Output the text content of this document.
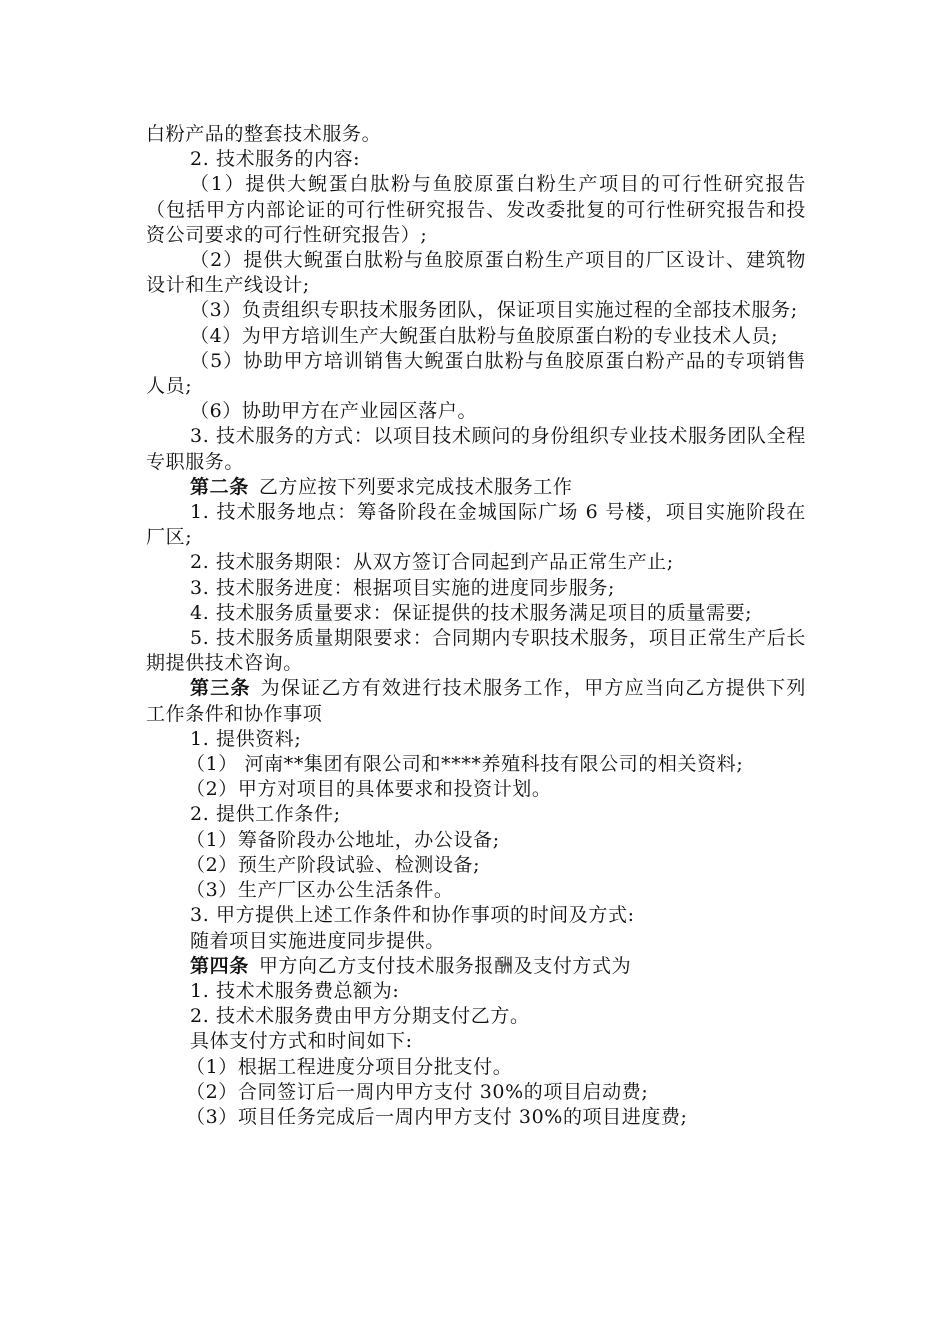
白粉产品的整套技术服务。

2. 技术服务的内容:

（1）提供大鲵蛋白肽粉与鱼胶原蛋白粉生产项目的可行性研究报告（包括甲方内部论证的可行性研究报告、发改委批复的可行性研究报告和投资公司要求的可行性研究报告）;

（2）提供大鲵蛋白肽粉与鱼胶原蛋白粉生产项目的厂区设计、建筑物设计和生产线设计;

（3）负责组织专职技术服务团队，保证项目实施过程的全部技术服务;

（4）为甲方培训生产大鲵蛋白肽粉与鱼胶原蛋白粉的专业技术人员;

（5）协助甲方培训销售大鲵蛋白肽粉与鱼胶原蛋白粉产品的专项销售人员;

（6）协助甲方在产业园区落户。

3. 技术服务的方式：以项目技术顾问的身份组织专业技术服务团队全程专职服务。

第二条 乙方应按下列要求完成技术服务工作

1. 技术服务地点：筹备阶段在金城国际广场 6 号楼，项目实施阶段在厂区;

2. 技术服务期限：从双方签订合同起到产品正常生产止;

3. 技术服务进度：根据项目实施的进度同步服务;

4. 技术服务质量要求：保证提供的技术服务满足项目的质量需要;

5. 技术服务质量期限要求：合同期内专职技术服务，项目正常生产后长期提供技术咨询。

第三条 为保证乙方有效进行技术服务工作，甲方应当向乙方提供下列工作条件和协作事项

1. 提供资料;

（1） 河南**集团有限公司和****养殖科技有限公司的相关资料;

（2）甲方对项目的具体要求和投资计划。

2. 提供工作条件;

（1）筹备阶段办公地址，办公设备;

（2）预生产阶段试验、检测设备;

（3）生产厂区办公生活条件。

3. 甲方提供上述工作条件和协作事项的时间及方式:

随着项目实施进度同步提供。

第四条 甲方向乙方支付技术服务报酬及支付方式为

1. 技术术服务费总额为:

2. 技术术服务费由甲方分期支付乙方。

具体支付方式和时间如下:

（1）根据工程进度分项目分批支付。

（2）合同签订后一周内甲方支付 30%的项目启动费;

（3）项目任务完成后一周内甲方支付 30%的项目进度费;
